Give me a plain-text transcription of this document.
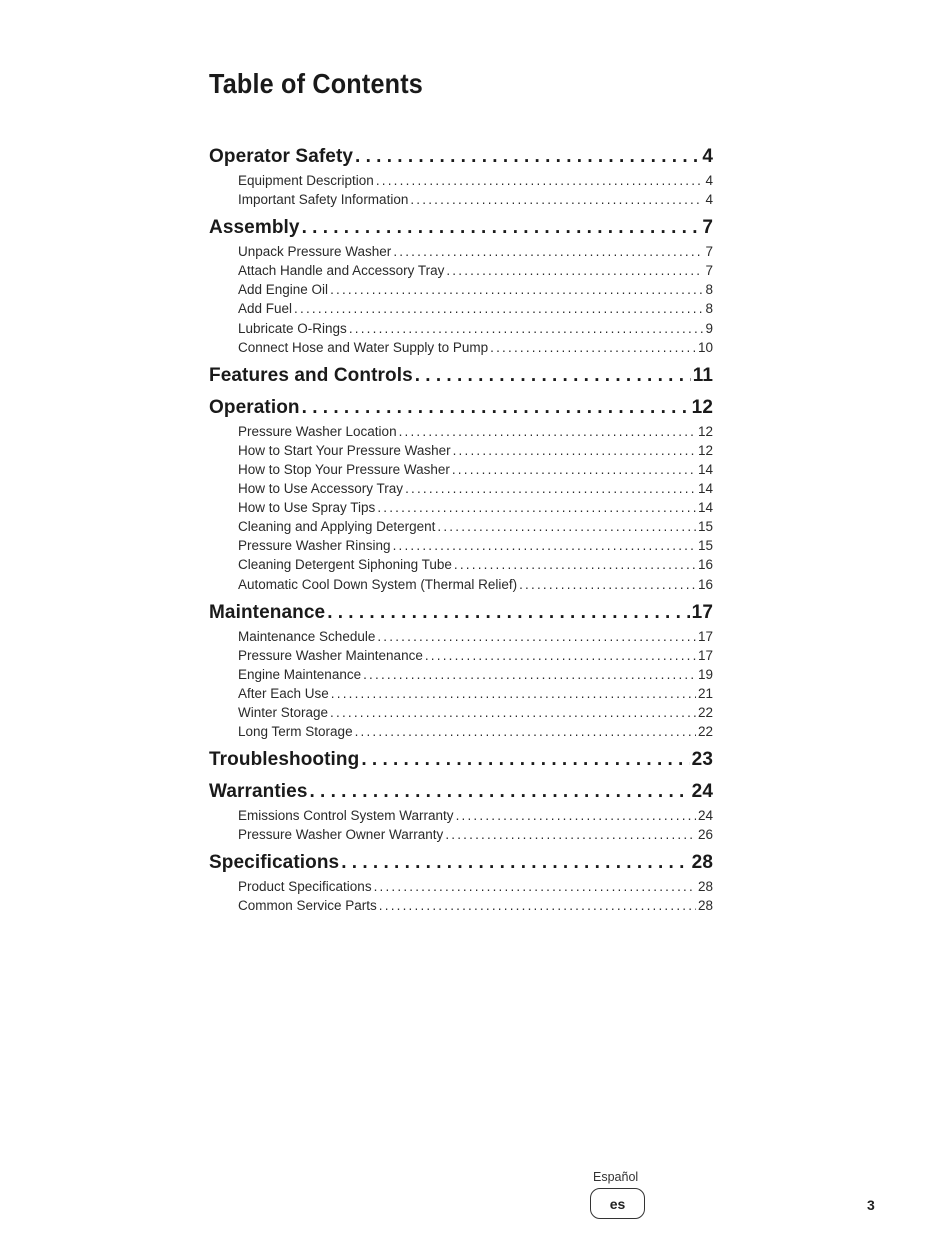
Table of Contents
Operator Safety . . .	4
Equipment Description .....	4
Important Safety Information .....	4
Assembly . . .	7
Unpack Pressure Washer .....	7
Attach Handle and Accessory Tray .....	7
Add Engine Oil .....	8
Add Fuel .....	8
Lubricate O-Rings .....	9
Connect Hose and Water Supply to Pump .....	10
Features and Controls . . .	11
Operation . . .	12
Pressure Washer Location .....	12
How to Start Your Pressure Washer .....	12
How to Stop Your Pressure Washer .....	14
How to Use Accessory Tray .....	14
How to Use Spray Tips .....	14
Cleaning and Applying Detergent .....	15
Pressure Washer Rinsing .....	15
Cleaning Detergent Siphoning Tube .....	16
Automatic Cool Down System (Thermal Relief) .....	16
Maintenance . . .	17
Maintenance Schedule .....	17
Pressure Washer Maintenance .....	17
Engine Maintenance .....	19
After Each Use .....	21
Winter Storage .....	22
Long Term Storage .....	22
Troubleshooting . . .	23
Warranties . . .	24
Emissions Control System Warranty .....	24
Pressure Washer Owner Warranty .....	26
Specifications . . .	28
Product Specifications .....	28
Common Service Parts .....	28
Español
es	3
